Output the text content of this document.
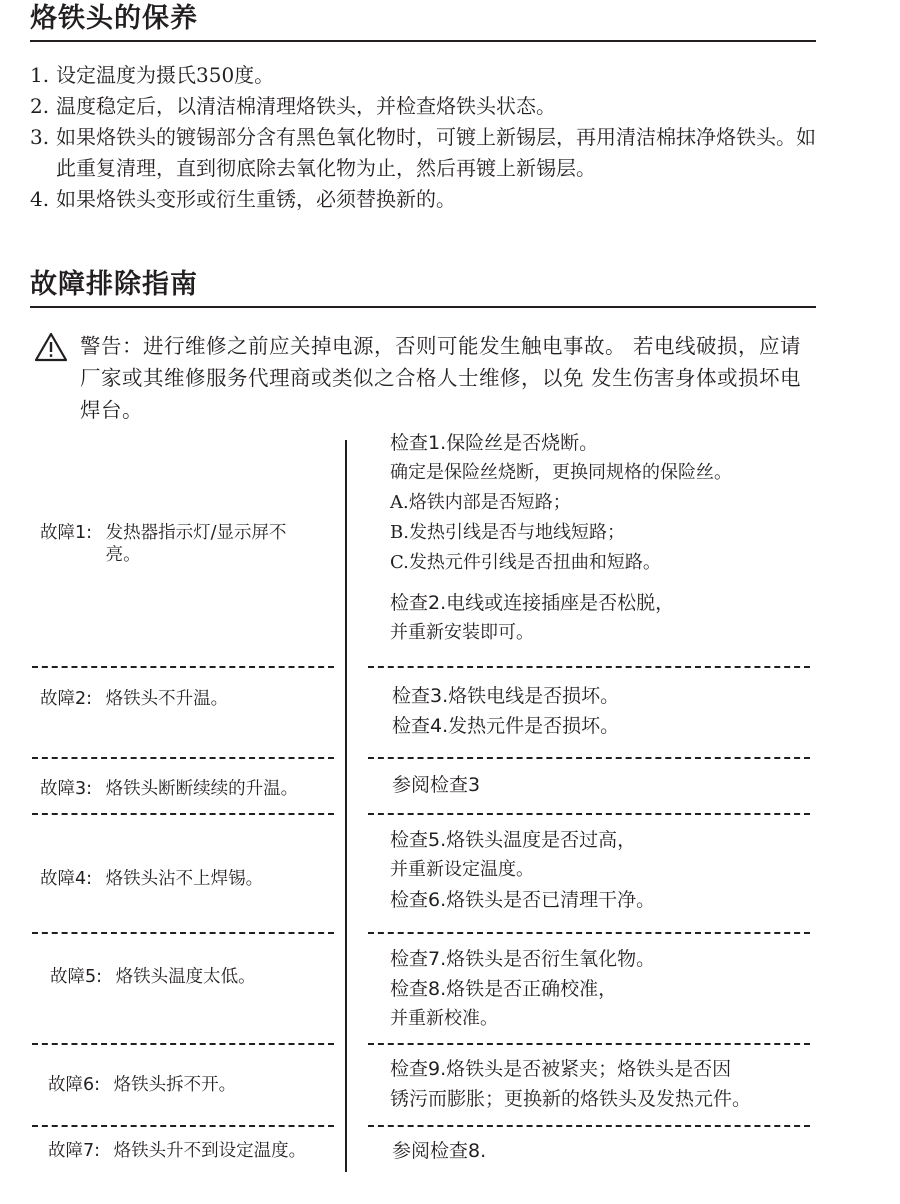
烙铁头的保养
1. 设定温度为摄氏350度。
2. 温度稳定后，以清洁棉清理烙铁头，并检查烙铁头状态。
3. 如果烙铁头的镀锡部分含有黑色氧化物时，可镀上新锡层，再用清洁棉抹净烙铁头。如此重复清理，直到彻底除去氧化物为止，然后再镀上新锡层。
4. 如果烙铁头变形或衍生重锈，必须替换新的。
故障排除指南
警告：进行维修之前应关掉电源，否则可能发生触电事故。 若电线破损，应请厂家或其维修服务代理商或类似之合格人士维修，以免 发生伤害身体或损坏电焊台。
故障1: 发热器指示灯/显示屏不亮。
故障2: 烙铁头不升温。
故障3: 烙铁头断断续续的升温。
故障4: 烙铁头沾不上焊锡。
故障5: 烙铁头温度太低。
故障6: 烙铁头拆不开。
故障7: 烙铁头升不到设定温度。
检查1.保险丝是否烧断。
确定是保险丝烧断，更换同规格的保险丝。
A.烙铁内部是否短路；
B.发热引线是否与地线短路；
C.发热元件引线是否扭曲和短路。
检查2.电线或连接插座是否松脱，
并重新安装即可。
检查3.烙铁电线是否损坏。
检查4.发热元件是否损坏。
参阅检查3
检查5.烙铁头温度是否过高，
并重新设定温度。
检查6.烙铁头是否已清理干净。
检查7.烙铁头是否衍生氧化物。
检查8.烙铁是否正确校准，
并重新校准。
检查9.烙铁头是否被紧夹；烙铁头是否因
锈污而膨胀；更换新的烙铁头及发热元件。
参阅检查8.
